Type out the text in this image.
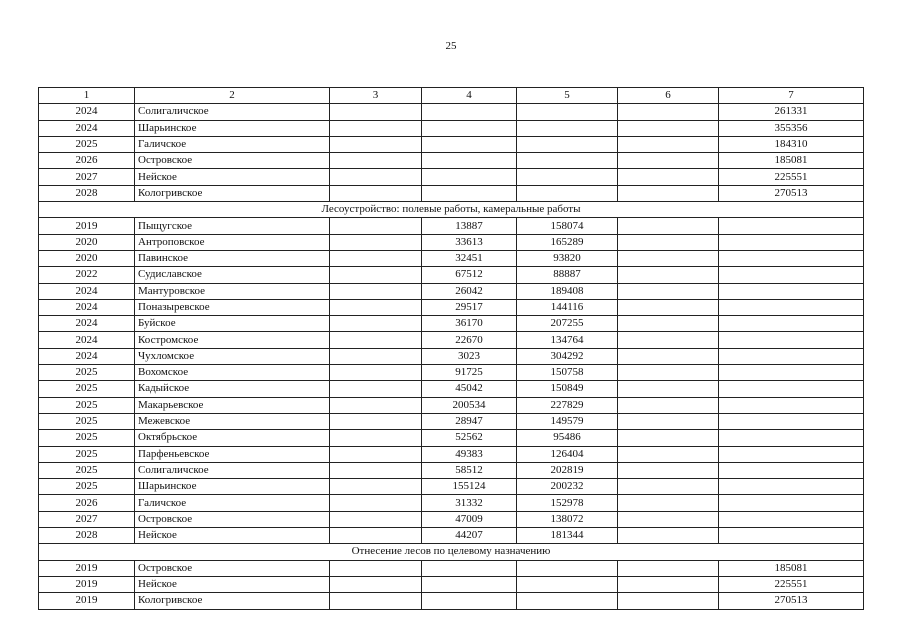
25
1	2	3	4	5	6	7
2024	Солигаличское					261331
2024	Шарьинское					355356
2025	Галичское					184310
2026	Островское					185081
2027	Нейское					225551
2028	Кологривское					270513
Лесоустройство: полевые работы, камеральные работы						
2019	Пыщугское		13887	158074		
2020	Антроповское		33613	165289		
2020	Павинское		32451	93820		
2022	Судиславское		67512	88887		
2024	Мантуровское		26042	189408		
2024	Поназыревское		29517	144116		
2024	Буйское		36170	207255		
2024	Костромское		22670	134764		
2024	Чухломское		3023	304292		
2025	Вохомское		91725	150758		
2025	Кадыйское		45042	150849		
2025	Макарьевское		200534	227829		
2025	Межевское		28947	149579		
2025	Октябрьское		52562	95486		
2025	Парфеньевское		49383	126404		
2025	Солигаличское		58512	202819		
2025	Шарьинское		155124	200232		
2026	Галичское		31332	152978		
2027	Островское		47009	138072		
2028	Нейское		44207	181344		
Отнесение лесов по целевому назначению						
2019	Островское					185081
2019	Нейское					225551
2019	Кологривское					270513
